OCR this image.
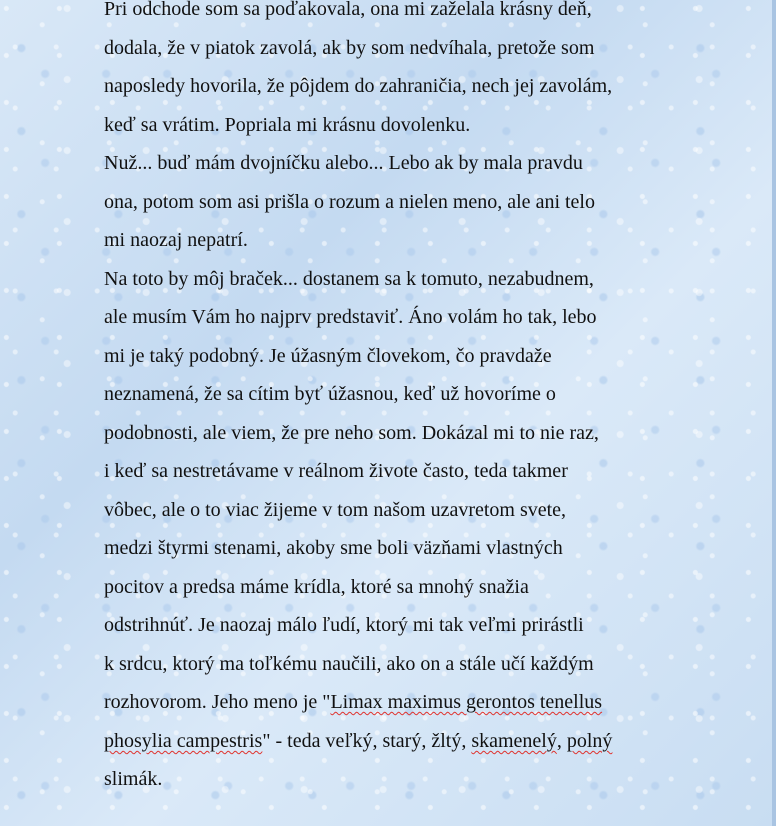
Pri odchode som sa poďakovala, ona mi zaželala krásny deň,
dodala, že v piatok zavolá, ak by som nedvíhala, pretože som
naposledy hovorila, že pôjdem do zahraničia, nech jej zavolám,
keď sa vrátim. Popriala mi krásnu dovolenku.
Nuž... buď mám dvojníčku alebo... Lebo ak by mala pravdu
ona, potom som asi prišla o rozum a nielen meno, ale ani telo
mi naozaj nepatrí.
Na toto by môj braček... dostanem sa k tomuto, nezabudnem,
ale musím Vám ho najprv predstaviť. Áno volám ho tak, lebo
mi je taký podobný. Je úžasným človekom, čo pravdaže
neznamená, že sa cítim byť úžasnou, keď už hovoríme o
podobnosti, ale viem, že pre neho som. Dokázal mi to nie raz,
i keď sa nestretávame v reálnom živote často, teda takmer
vôbec, ale o to viac žijeme v tom našom uzavretom svete,
medzi štyrmi stenami, akoby sme boli väzňami vlastných
pocitov a predsa máme krídla, ktoré sa mnohý snažia
odstrihnúť. Je naozaj málo ľudí, ktorý mi tak veľmi prirástli
k srdcu, ktorý ma toľkému naučili, ako on a stále učí každým
rozhovorom. Jeho meno je "Limax maximus gerontos tenellus
phosylia campestris" - teda veľký, starý, žltý, skamenelý, polný
slimák.
